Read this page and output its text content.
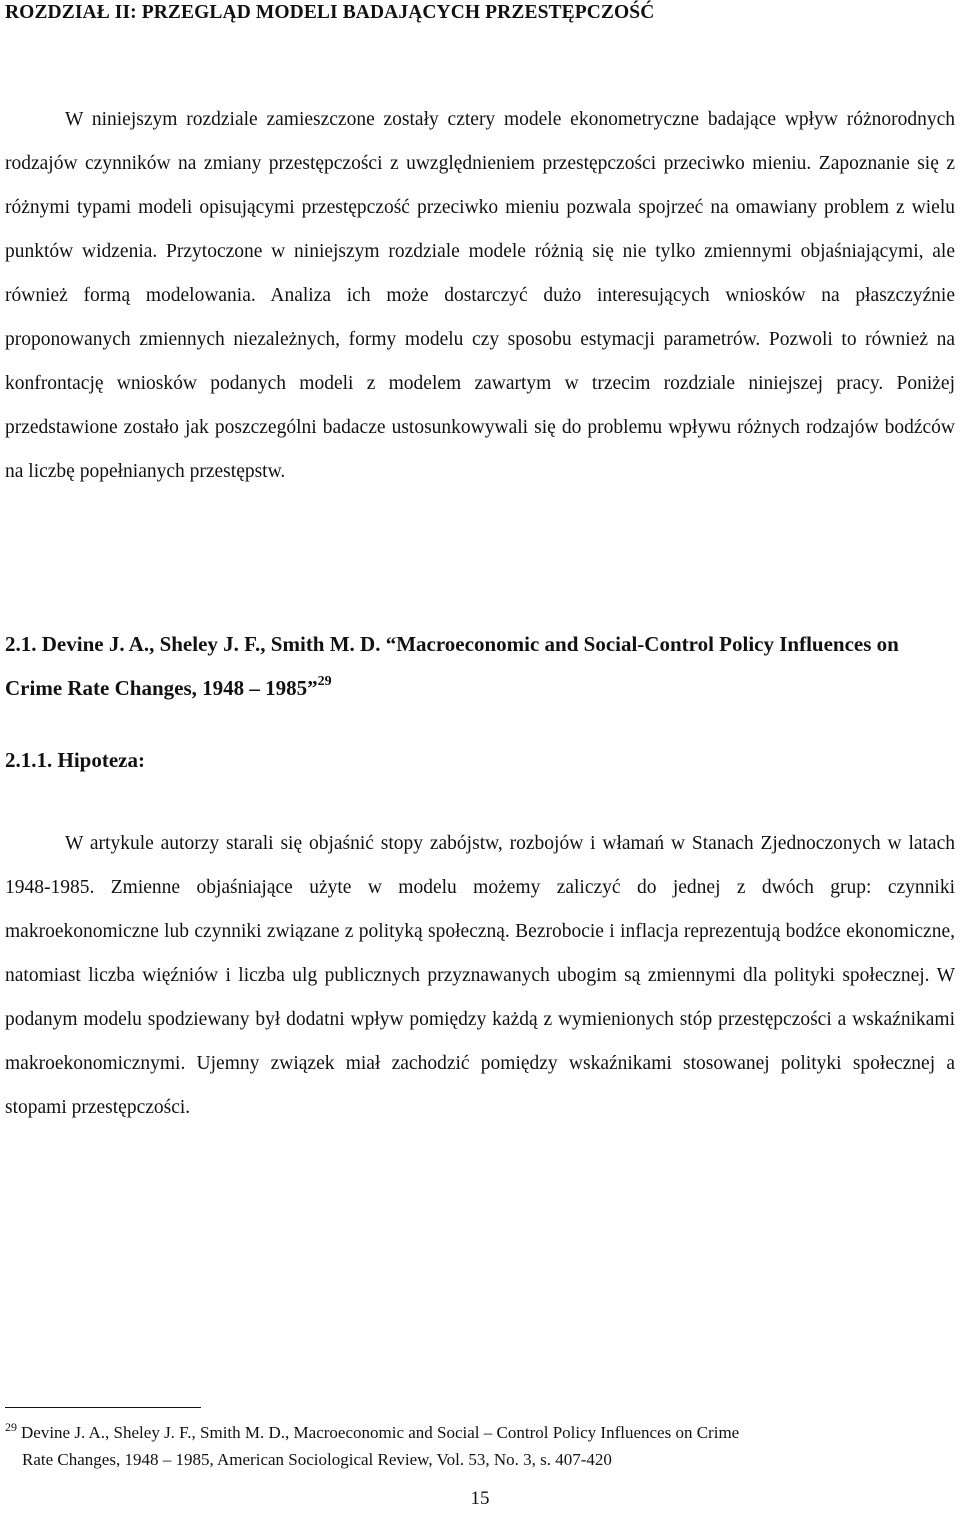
ROZDZIAŁ II: PRZEGLĄD MODELI BADAJĄCYCH PRZESTĘPCZOŚĆ

W niniejszym rozdziale zamieszczone zostały cztery modele ekonometryczne badające wpływ różnorodnych rodzajów czynników na zmiany przestępczości z uwzględnieniem przestępczości przeciwko mieniu. Zapoznanie się z różnymi typami modeli opisującymi przestępczość przeciwko mieniu pozwala spojrzeć na omawiany problem z wielu punktów widzenia. Przytoczone w niniejszym rozdziale modele różnią się nie tylko zmiennymi objaśniającymi, ale również formą modelowania. Analiza ich może dostarczyć dużo interesujących wniosków na płaszczyźnie proponowanych zmiennych niezależnych, formy modelu czy sposobu estymacji parametrów. Pozwoli to również na konfrontację wniosków podanych modeli z modelem zawartym w trzecim rozdziale niniejszej pracy. Poniżej przedstawione zostało jak poszczególni badacze ustosunkowywali się do problemu wpływu różnych rodzajów bodźców na liczbę popełnianych przestępstw.

2.1. Devine J. A., Sheley J. F., Smith M. D. “Macroeconomic and Social-Control Policy Influences on Crime Rate Changes, 1948 – 1985”$^{29}$
2.1.1. Hipoteza:

W artykule autorzy starali się objaśnić stopy zabójstw, rozbojów i włamań w Stanach Zjednoczonych w latach 1948-1985. Zmienne objaśniające użyte w modelu możemy zaliczyć do jednej z dwóch grup: czynniki makroekonomiczne lub czynniki związane z polityką społeczną. Bezrobocie i inflacja reprezentują bodźce ekonomiczne, natomiast liczba więźniów i liczba ulg publicznych przyznawanych ubogim są zmiennymi dla polityki społecznej. W podanym modelu spodziewany był dodatni wpływ pomiędzy każdą z wymienionych stóp przestępczości a wskaźnikami makroekonomicznymi. Ujemny związek miał zachodzić pomiędzy wskaźnikami stosowanej polityki społecznej a stopami przestępczości.

$^{29}$ Devine J. A., Sheley J. F., Smith M. D., Macroeconomic and Social – Control Policy Influences on Crime
Rate Changes, 1948 – 1985, American Sociological Review, Vol. 53, No. 3, s. 407-420

15
